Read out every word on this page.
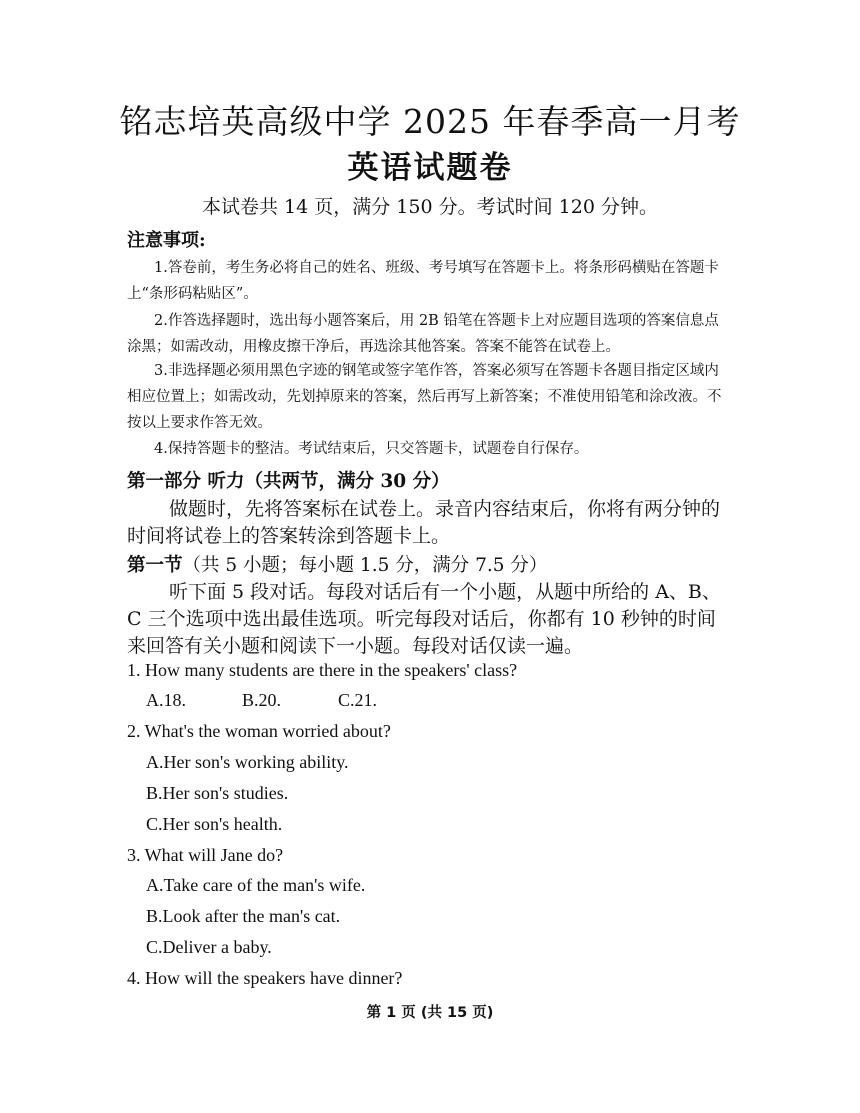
铭志培英高级中学 2025 年春季高一月考
英语试题卷
本试卷共 14 页，满分 150 分。考试时间 120 分钟。
注意事项:
1.答卷前，考生务必将自己的姓名、班级、考号填写在答题卡上。将条形码横贴在答题卡上“条形码粘贴区”。
2.作答选择题时，选出每小题答案后，用 2B 铅笔在答题卡上对应题目选项的答案信息点涂黑；如需改动，用橡皮擦干净后，再选涂其他答案。答案不能答在试卷上。
3.非选择题必须用黑色字迹的钢笔或签字笔作答，答案必须写在答题卡各题目指定区域内相应位置上；如需改动，先划掉原来的答案，然后再写上新答案；不准使用铅笔和涂改液。不按以上要求作答无效。
4.保持答题卡的整洁。考试结束后，只交答题卡，试题卷自行保存。
第一部分 听力（共两节，满分 30 分）
做题时，先将答案标在试卷上。录音内容结束后，你将有两分钟的时间将试卷上的答案转涂到答题卡上。
第一节（共 5 小题；每小题 1.5 分，满分 7.5 分）
听下面 5 段对话。每段对话后有一个小题，从题中所给的 A、B、C 三个选项中选出最佳选项。听完每段对话后，你都有 10 秒钟的时间来回答有关小题和阅读下一小题。每段对话仅读一遍。
1. How many students are there in the speakers' class?
A.18.	B.20.	C.21.
2. What's the woman worried about?
A.Her son's working ability.
B.Her son's studies.
C.Her son's health.
3. What will Jane do?
A.Take care of the man's wife.
B.Look after the man's cat.
C.Deliver a baby.
4. How will the speakers have dinner?
第 1 页 (共 15 页)
